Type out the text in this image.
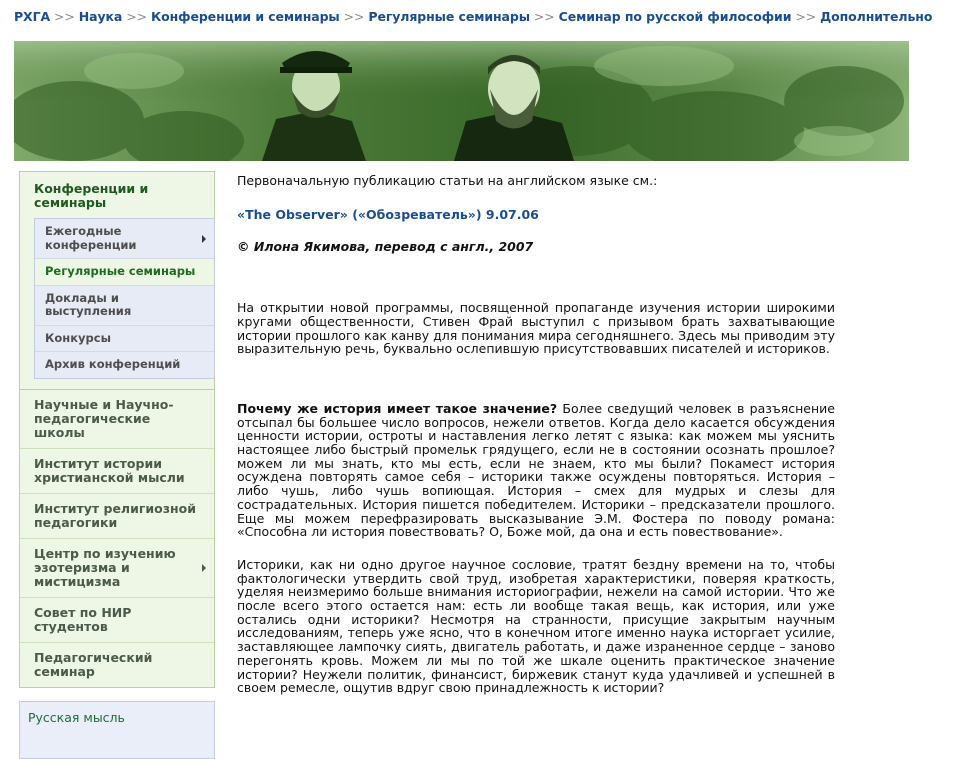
РХГА >> Наука >> Конференции и семинары >> Регулярные семинары >> Семинар по русской философии >> Дополнительно
Конференции и семинары
Ежегодные конференции
Регулярные семинары
Доклады и выступления
Конкурсы
Архив конференций
Научные и Научно-педагогические школы
Институт истории христианской мысли
Институт религиозной педагогики
Центр по изучению эзотеризма и мистицизма
Совет по НИР студентов
Педагогический семинар
Русская мысль

Первоначальную публикацию статьи на английском языке см.:

«The Observer» («Обозреватель») 9.07.06

© Илона Якимова, перевод с англ., 2007

На открытии новой программы, посвященной пропаганде изучения истории широкими кругами общественности, Стивен Фрай выступил с призывом брать захватывающие истории прошлого как канву для понимания мира сегодняшнего. Здесь мы приводим эту выразительную речь, буквально ослепившую присутствовавших писателей и историков.

Почему же история имеет такое значение? Более сведущий человек в разъяснение отсыпал бы большее число вопросов, нежели ответов. Когда дело касается обсуждения ценности истории, остроты и наставления легко летят с языка: как можем мы уяснить настоящее либо быстрый промельк грядущего, если не в состоянии осознать прошлое? можем ли мы знать, кто мы есть, если не знаем, кто мы были? Покамест история осуждена повторять самое себя – историки также осуждены повторяться. История – либо чушь, либо чушь вопиющая. История – смех для мудрых и слезы для сострадательных. История пишется победителем. Историки – предсказатели прошлого. Еще мы можем перефразировать высказывание Э.М. Фостера по поводу романа: «Способна ли история повествовать? О, Боже мой, да она и есть повествование».

Историки, как ни одно другое научное сословие, тратят бездну времени на то, чтобы фактологически утвердить свой труд, изобретая характеристики, поверяя краткость, уделяя неизмеримо больше внимания историографии, нежели на самой истории. Что же после всего этого остается нам: есть ли вообще такая вещь, как история, или уже остались одни историки? Несмотря на странности, присущие закрытым научным исследованиям, теперь уже ясно, что в конечном итоге именно наука исторгает усилие, заставляющее лампочку сиять, двигатель работать, и даже израненное сердце – заново перегонять кровь. Можем ли мы по той же шкале оценить практическое значение истории? Неужели политик, финансист, биржевик станут куда удачливей и успешней в своем ремесле, ощутив вдруг свою принадлежность к истории?
